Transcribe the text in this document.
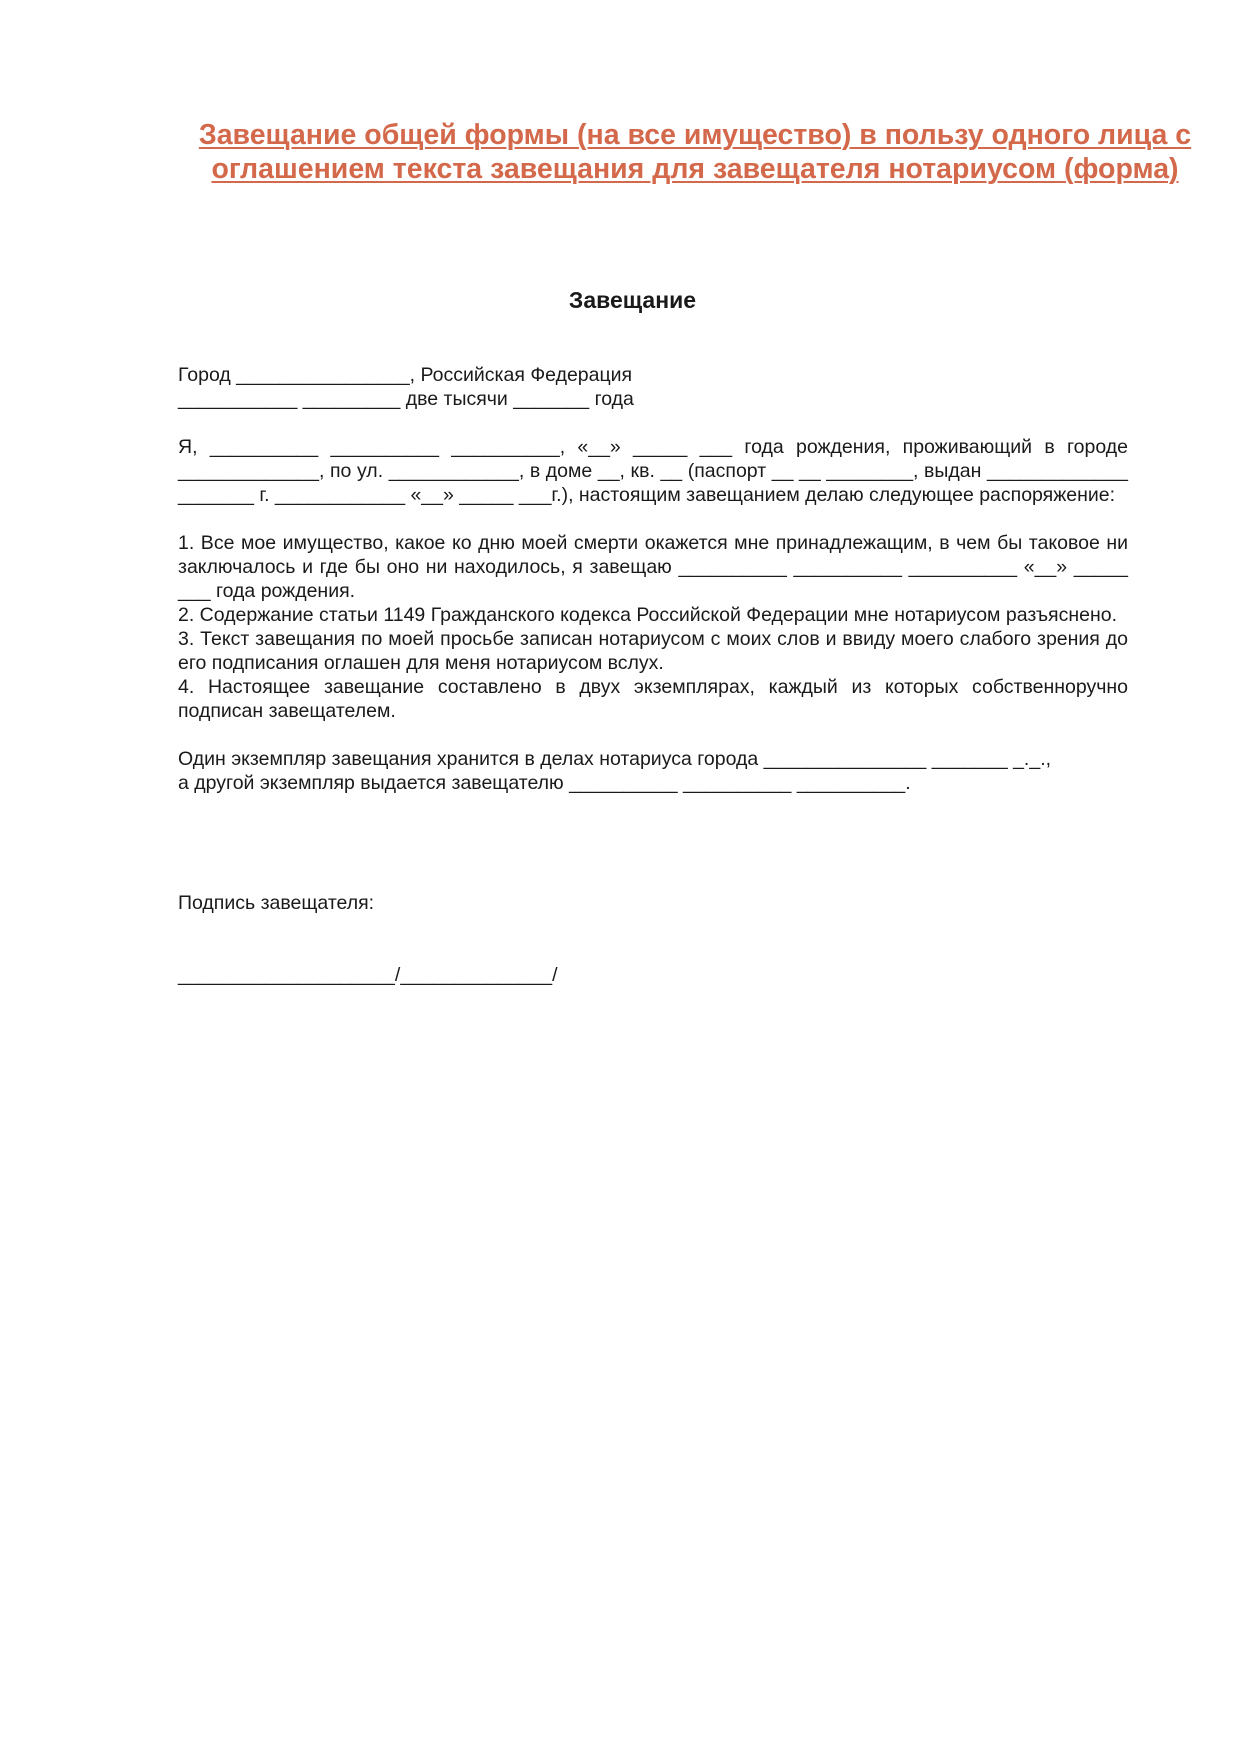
Завещание общей формы (на все имущество) в пользу одного лица с оглашением текста завещания для завещателя нотариусом (форма)
Завещание

Город ________________, Российская Федерация

___________ _________ две тысячи _______ года

Я, __________ __________ __________, «__» _____ ___ года рождения, проживающий в городе _____________, по ул. ____________, в доме __, кв. __ (паспорт __ __ ________, выдан _____________ _______ г. ____________ «__» _____ ___г.), настоящим завещанием делаю следующее распоряжение:

1. Все мое имущество, какое ко дню моей смерти окажется мне принадлежащим, в чем бы таковое ни заключалось и где бы оно ни находилось, я завещаю __________ __________ __________ «__» _____ ___ года рождения.

2. Содержание статьи 1149 Гражданского кодекса Российской Федерации мне нотариусом разъяснено.

3. Текст завещания по моей просьбе записан нотариусом с моих слов и ввиду моего слабого зрения до его подписания оглашен для меня нотариусом вслух.

4. Настоящее завещание составлено в двух экземплярах, каждый из которых собственноручно подписан завещателем.

Один экземпляр завещания хранится в делах нотариуса города _______________ _______ _._.,

а другой экземпляр выдается завещателю __________ __________ __________.

Подпись завещателя:

____________________/______________/
